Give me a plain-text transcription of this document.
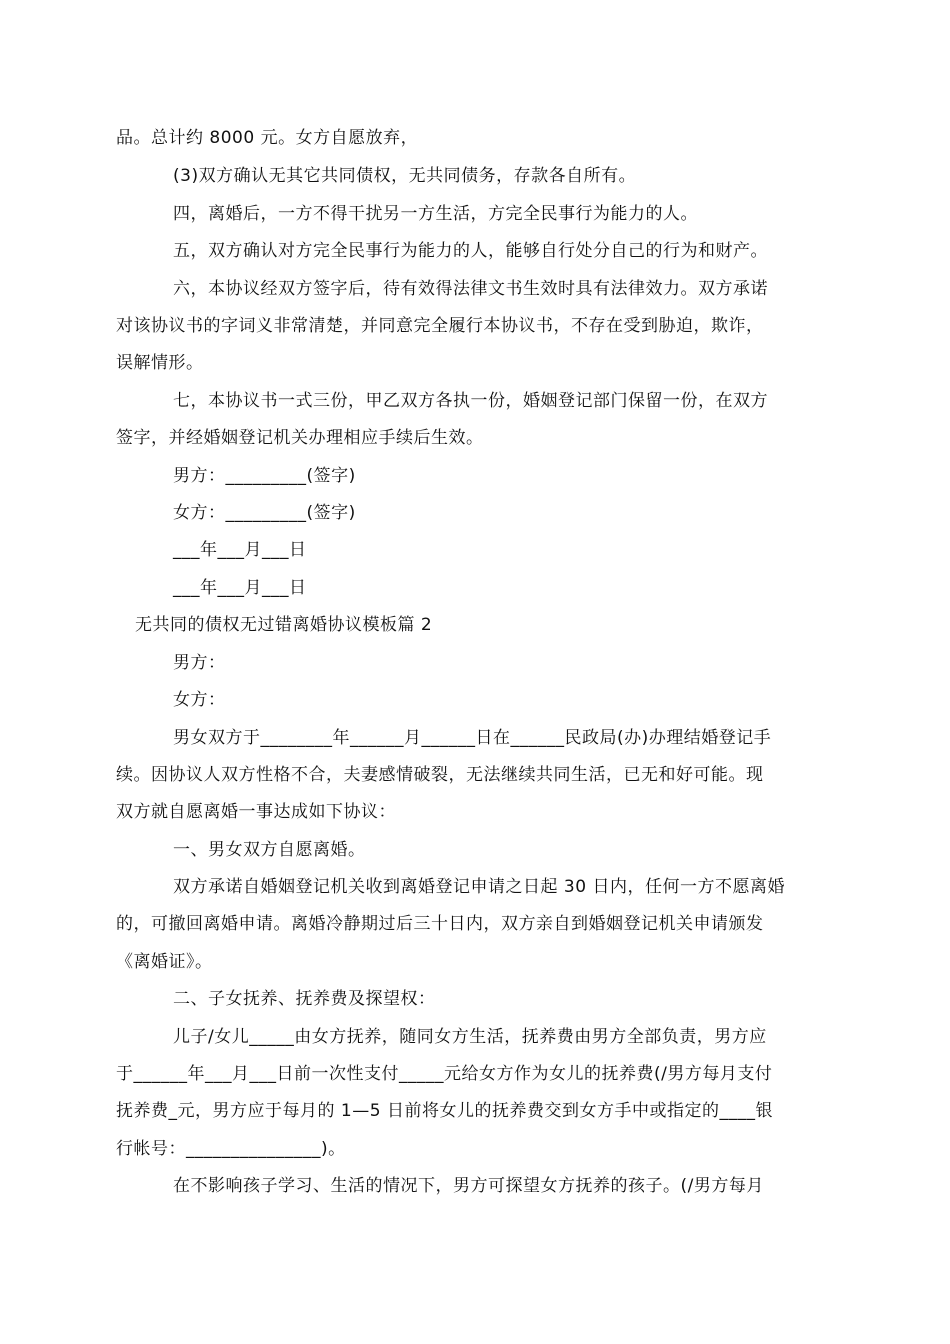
品。总计约 8000 元。女方自愿放弃，
(3)双方确认无其它共同债权，无共同债务，存款各自所有。
四，离婚后，一方不得干扰另一方生活，方完全民事行为能力的人。
五，双方确认对方完全民事行为能力的人，能够自行处分自己的行为和财产。
六，本协议经双方签字后，待有效得法律文书生效时具有法律效力。双方承诺
对该协议书的字词义非常清楚，并同意完全履行本协议书，不存在受到胁迫，欺诈，
误解情形。
七，本协议书一式三份，甲乙双方各执一份，婚姻登记部门保留一份，在双方
签字，并经婚姻登记机关办理相应手续后生效。
男方：_________(签字)
女方：_________(签字)
___年___月___日
___年___月___日
无共同的债权无过错离婚协议模板篇 2
男方：
女方：
男女双方于________年______月______日在______民政局(办)办理结婚登记手
续。因协议人双方性格不合，夫妻感情破裂，无法继续共同生活，已无和好可能。现
双方就自愿离婚一事达成如下协议：
一、男女双方自愿离婚。
双方承诺自婚姻登记机关收到离婚登记申请之日起 30 日内，任何一方不愿离婚
的，可撤回离婚申请。离婚冷静期过后三十日内，双方亲自到婚姻登记机关申请颁发
《离婚证》。
二、子女抚养、抚养费及探望权：
儿子/女儿_____由女方抚养，随同女方生活，抚养费由男方全部负责，男方应
于______年___月___日前一次性支付_____元给女方作为女儿的抚养费(/男方每月支付
抚养费_元，男方应于每月的 1—5 日前将女儿的抚养费交到女方手中或指定的____银
行帐号：_______________)。
在不影响孩子学习、生活的情况下，男方可探望女方抚养的孩子。(/男方每月
